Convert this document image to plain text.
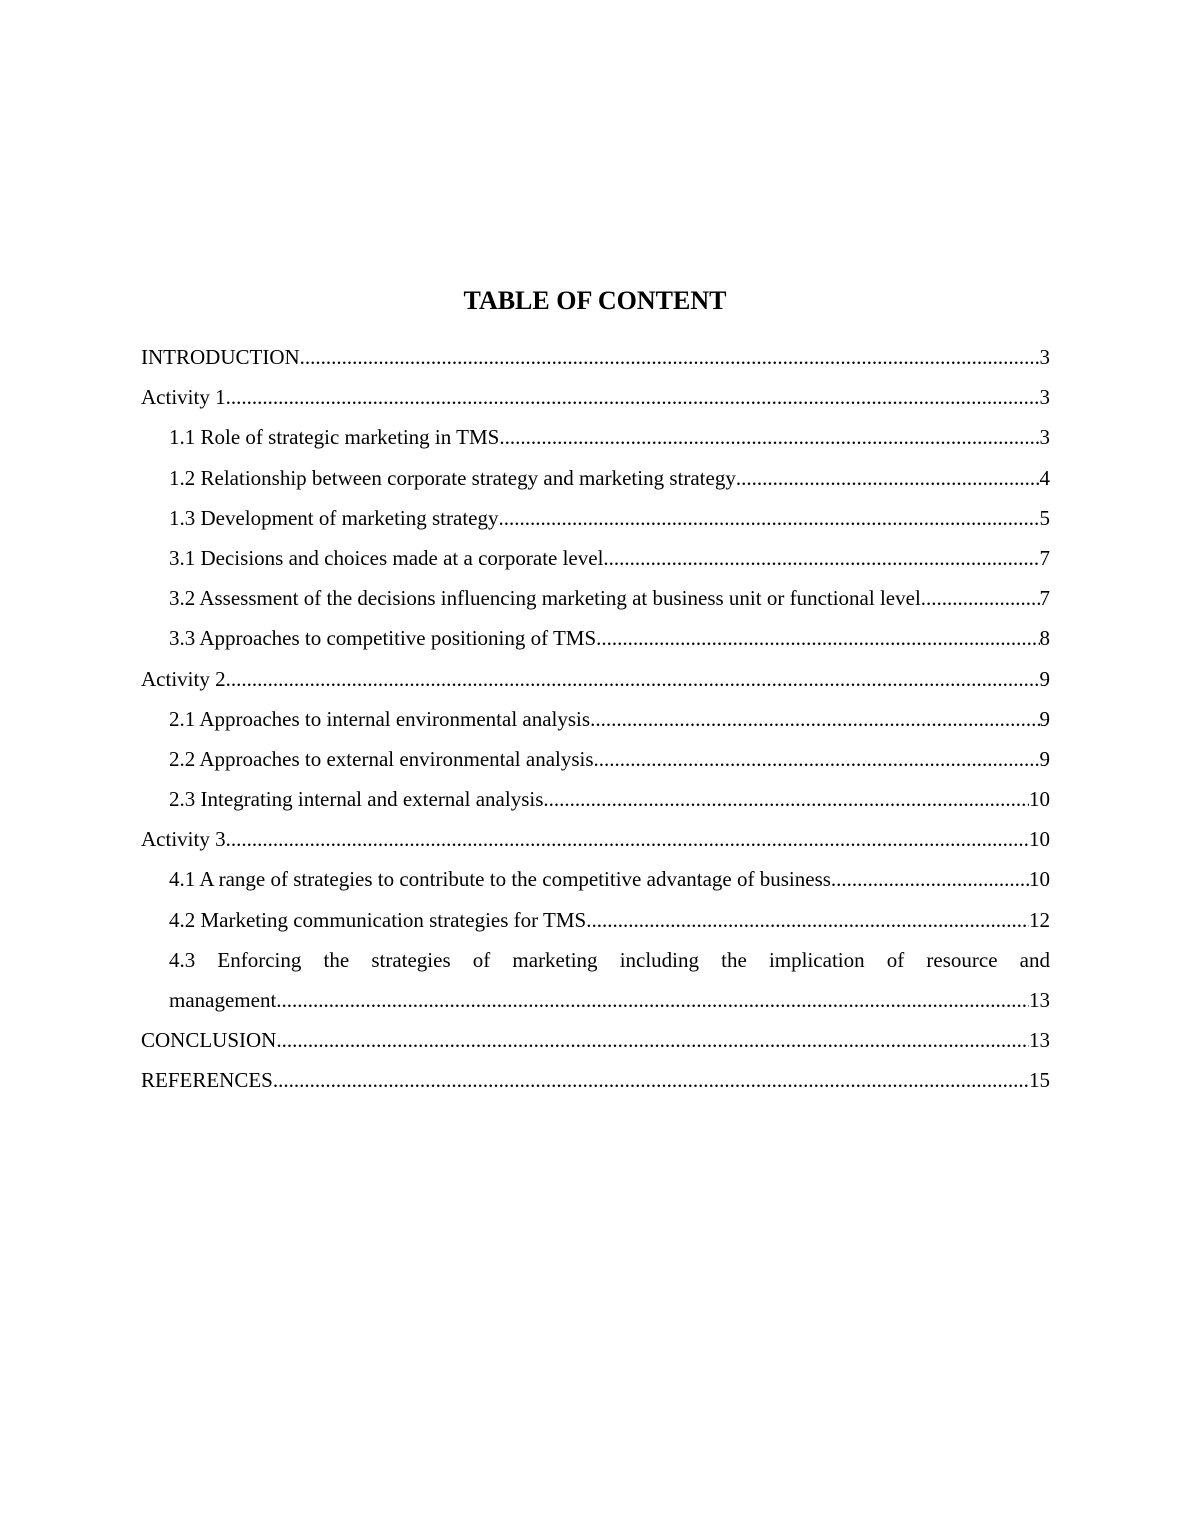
TABLE OF CONTENT
INTRODUCTION .....	3
Activity 1 .....	3
1.1 Role of strategic marketing in TMS .....	3
1.2 Relationship between corporate strategy and marketing strategy .....	4
1.3 Development of marketing strategy .....	5
3.1 Decisions and choices made at a corporate level .....	7
3.2 Assessment of the decisions influencing marketing at business unit or functional level. .....	7
3.3 Approaches to competitive positioning of TMS .....	8
Activity 2 .....	9
2.1 Approaches to internal environmental analysis .....	9
2.2 Approaches to external environmental analysis .....	9
2.3 Integrating internal and external analysis .....	10
Activity 3 .....	10
4.1 A range of strategies to contribute to the competitive advantage of business .....	10
4.2 Marketing communication strategies for TMS .....	12
4.3 Enforcing the strategies of marketing including the implication of resource and
management .....	13
CONCLUSION .....	13
REFERENCES .....	15
